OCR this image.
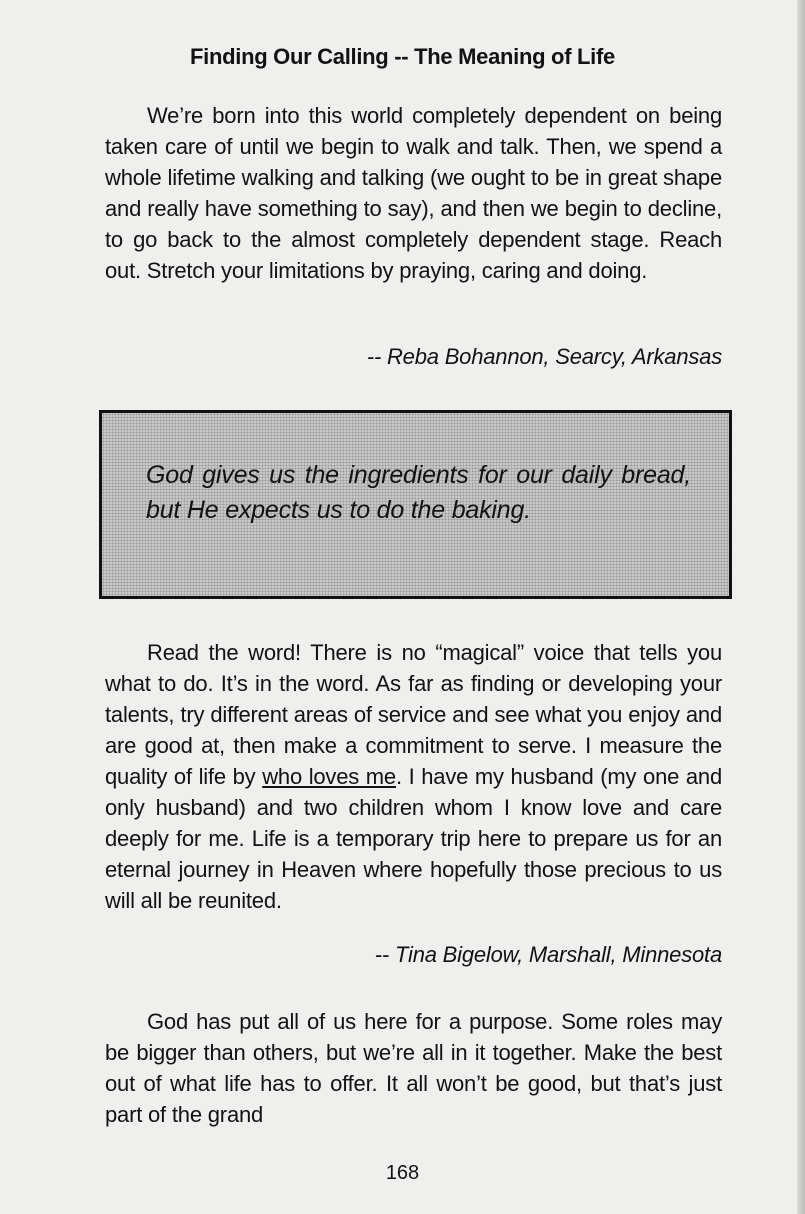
Finding Our Calling -- The Meaning of Life

We’re born into this world completely dependent on being taken care of until we begin to walk and talk. Then, we spend a whole lifetime walking and talking (we ought to be in great shape and really have something to say), and then we begin to decline, to go back to the almost completely dependent stage. Reach out. Stretch your limitations by praying, caring and doing.

-- Reba Bohannon, Searcy, Arkansas

God gives us the ingredients for our daily bread, but He expects us to do the baking.

Read the word! There is no “magical” voice that tells you what to do. It’s in the word. As far as finding or developing your talents, try different areas of service and see what you enjoy and are good at, then make a commitment to serve. I measure the quality of life by who loves me. I have my husband (my one and only husband) and two children whom I know love and care deeply for me. Life is a temporary trip here to prepare us for an eternal journey in Heaven where hopefully those precious to us will all be reunited.

-- Tina Bigelow, Marshall, Minnesota

God has put all of us here for a purpose. Some roles may be bigger than others, but we’re all in it together. Make the best out of what life has to offer. It all won’t be good, but that’s just part of the grand

168
